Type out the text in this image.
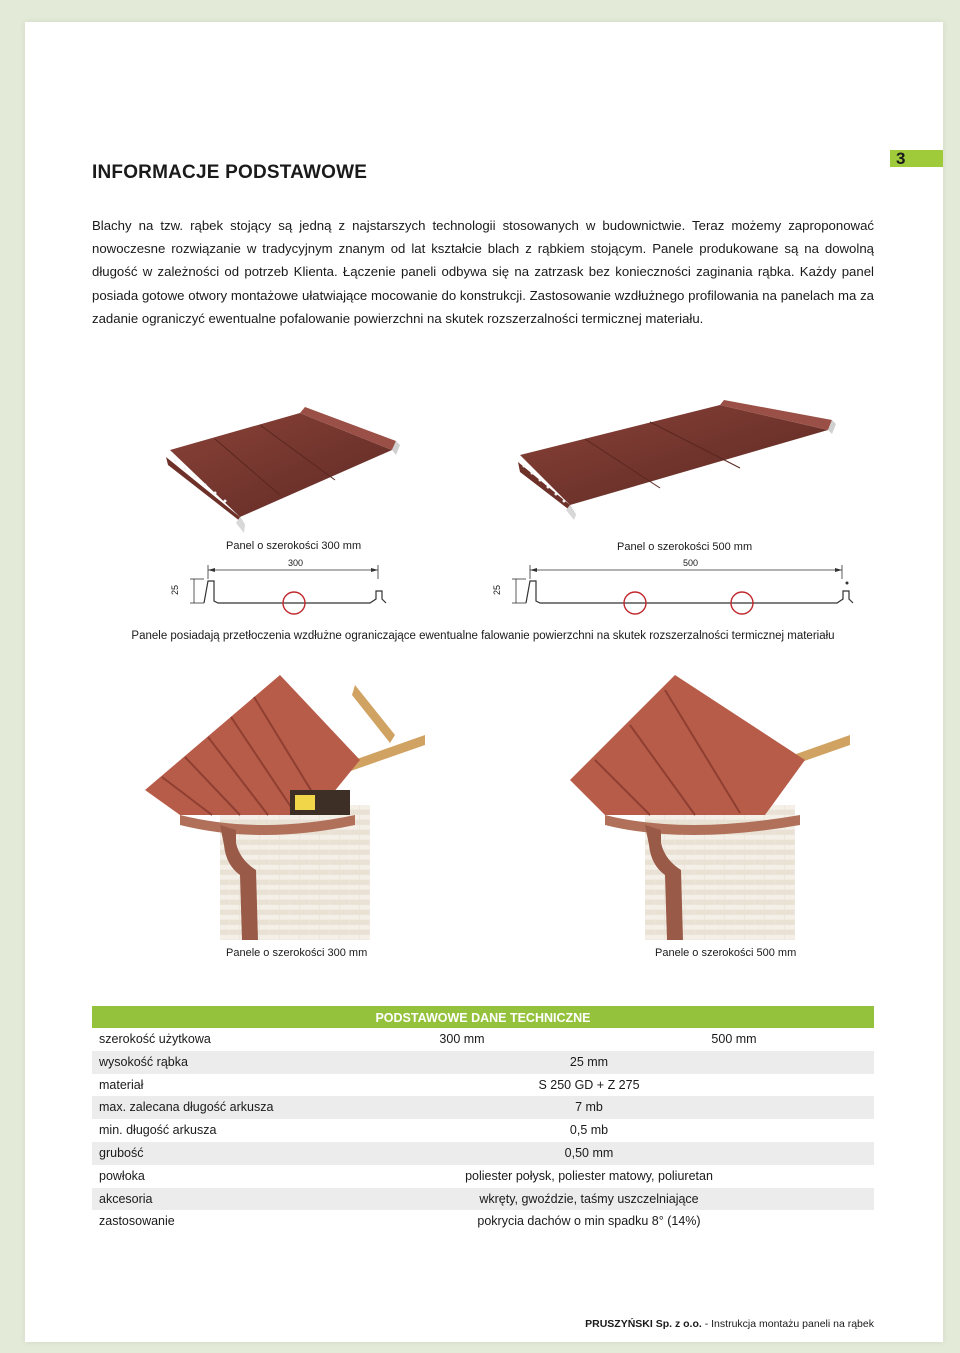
3
INFORMACJE PODSTAWOWE

Blachy na tzw. rąbek stojący są jedną z najstarszych technologii stosowanych w budownictwie. Teraz możemy zaproponować nowoczesne rozwiązanie w tradycyjnym znanym od lat kształcie blach z rąbkiem stojącym. Panele produkowane są na dowolną długość w zależności od potrzeb Klienta. Łączenie paneli odbywa się na zatrzask bez konieczności zaginania rąbka. Każdy panel posiada gotowe otwory montażowe ułatwiające mocowanie do konstrukcji. Zastosowanie wzdłużnego profilowania na panelach ma za zadanie ograniczyć ewentualne pofalowanie powierzchni na skutek rozszerzalności termicznej materiału.

Panel o szerokości 300 mm	Panel o szerokości 500 mm
300
25
500
25
Panele posiadają przetłoczenia wzdłużne ograniczające ewentualne falowanie powierzchni na skutek rozszerzalności termicznej materiału
Panele o szerokości 300 mm	Panele o szerokości 500 mm
PODSTAWOWE DANE TECHNICZNE
szerokość użytkowa	300 mm	500 mm
wysokość rąbka	25 mm
materiał	S 250 GD + Z 275
max. zalecana długość arkusza	7 mb
min. długość arkusza	0,5 mb
grubość	0,50 mm
powłoka	poliester połysk, poliester matowy, poliuretan
akcesoria	wkręty, gwoździe, taśmy uszczelniające
zastosowanie	pokrycia dachów o min spadku 8° (14%)
PRUSZYŃSKI Sp. z o.o. - Instrukcja montażu paneli na rąbek
